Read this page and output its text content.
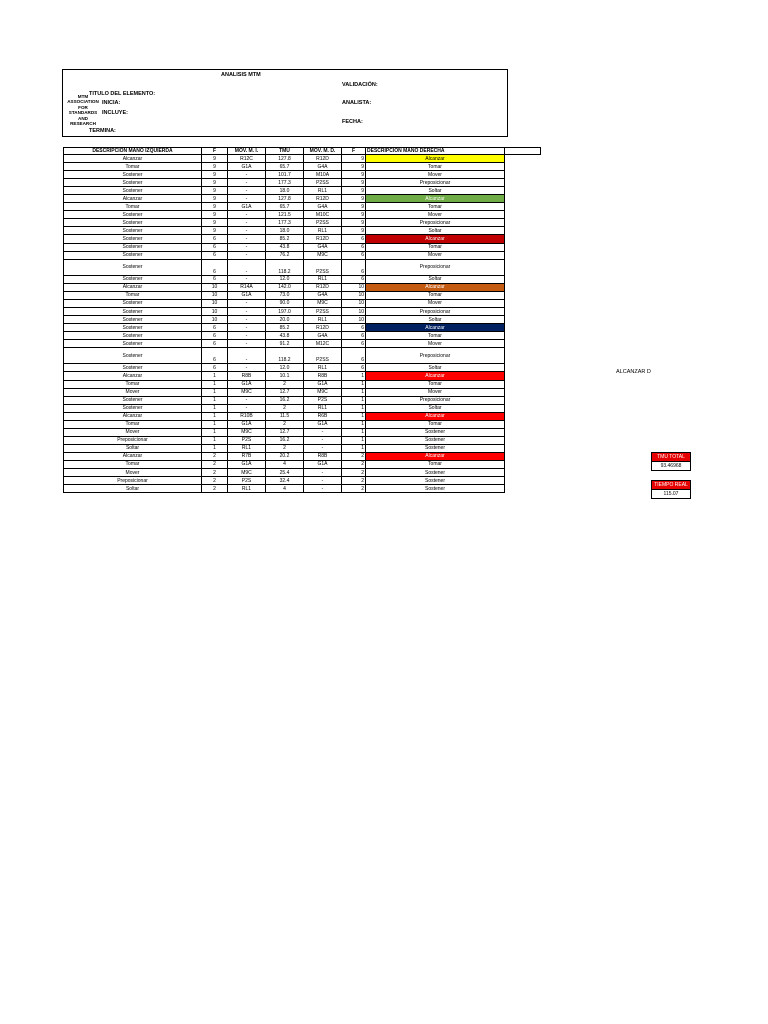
ANALISIS MTM
VALIDACIÓN:
TITULO DEL ELEMENTO:
INICIA:	ANALISTA:
INCLUYE:
FECHA:
TERMINA:
MTM
ASSOCIATION
FOR STANDARDS
AND RESEARCH
DESCRIPCION MANO IZQUIERDA	F	MOV. M. I.	TMU	MOV. M. D.	F	DESCRIPCION MANO DERECHA	
Alcanzar	9	R12C	127.8	R12D	9	Alcanzar	
Tomar	9	G1A	65.7	G4A	9	Tomar	
Sostener	9	-	101.7	M10A	9	Mover	
Sostener	9	-	177.3	P2SS	9	Preposicionar	
Sostener	9	-	18.0	RL1	9	Soltar	
Alcanzar	9	-	127.8	R12D	9	Alcanzar	
Tomar	9	G1A	65.7	G4A	9	Tomar	
Sostener	9	-	121.5	M10C	9	Mover	
Sostener	9	-	177.3	P2SS	9	Preposicionar	
Sostener	9	-	18.0	RL1	9	Soltar	
Sostener	6	-	85.2	R12D	6	Alcanzar	
Sostener	6	-	43.8	G4A	6	Tomar	
Sostener	6	-	76.2	M9C	6	Mover	
Sostener	6	-	118.2	P2SS	6	Preposicionar	
Sostener	6	-	12.0	RL1	6	Soltar	
Alcanzar	10	R14A	142.0	R12D	10	Alcanzar	
Tomar	10	G1A	73.0	G4A	10	Tomar	
Sostener	10	-	90.0	M9C	10	Mover	
Sostener	10	-	197.0	P2SS	10	Preposicionar	
Sostener	10	-	20.0	RL1	10	Soltar	
Sostener	6	-	85.2	R12D	6	Alcanzar	
Sostener	6	-	43.8	G4A	6	Tomar	
Sostener	6	-	91.2	M12C	6	Mover	
Sostener	6	-	118.2	P2SS	6	Preposicionar	
Sostener	6	-	12.0	RL1	6	Soltar	
Alcanzar	1	R8B	10.1	R8B	1	Alcanzar	
Tomar	1	G1A	2	G1A	1	Tomar	
Mover	1	M9C	12.7	M9C	1	Mover	
Sostener	1	-	16.2	P2S	1	Preposicionar	
Sostener	1	-	2	RL1	1	Soltar	
Alcanzar	1	R10B	11.5	R6B	1	Alcanzar	
Tomar	1	G1A	2	G1A	1	Tomar	
Mover	1	M9C	12.7	-	1	Sostener	
Preposicionar	1	P2S	16.2	-	1	Sostener	
Soltar	1	RL1	2	-	1	Sostener	
Alcanzar	2	R7B	20.2	R8B	2	Alcanzar	
Tomar	2	G1A	4	G1A	2	Tomar	
Mover	2	M9C	25.4	-	2	Sostener	
Preposicionar	2	P2S	32.4	-	2	Sostener	
Soltar	2	RL1	4	-	2	Sostener	
ALCANZAR D
TMU TOTAL
93.46968
TIEMPO REAL
115.07
